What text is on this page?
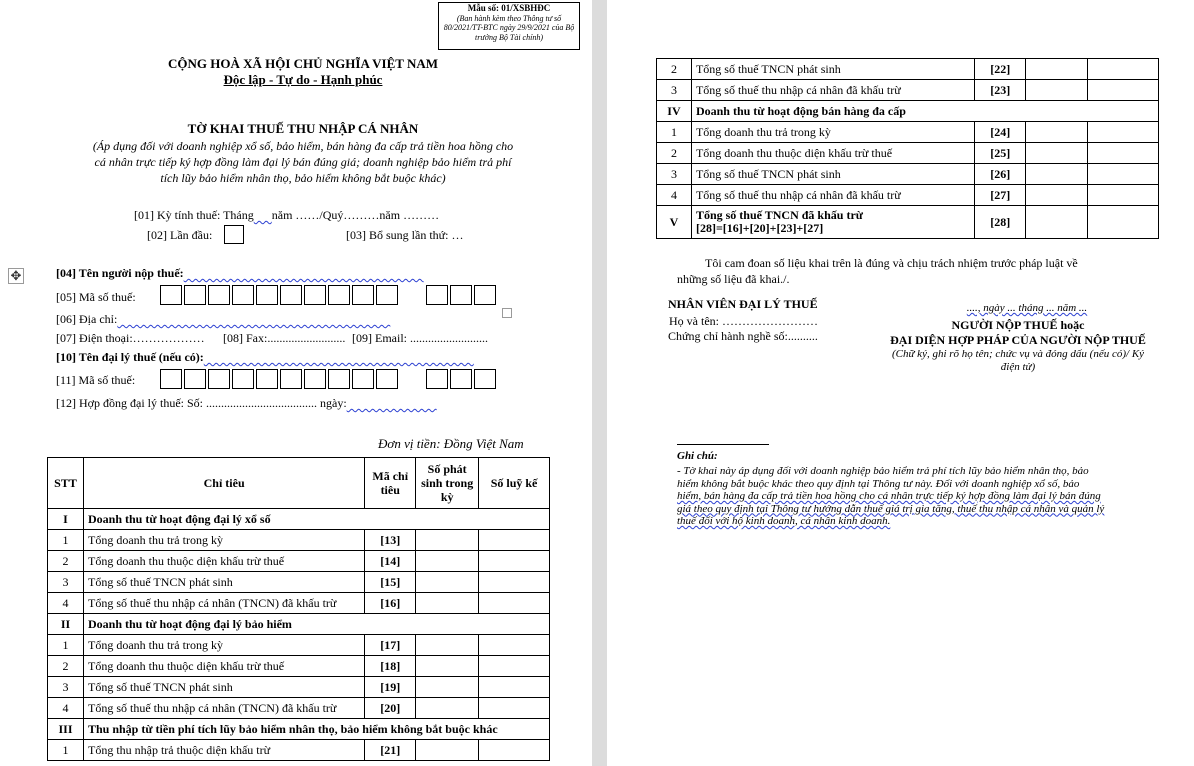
Mẫu số: 01/XSBHĐC
(Ban hành kèm theo Thông tư số 80/2021/TT-BTC ngày 29/9/2021 của Bộ trưởng Bộ Tài chính)
CỘNG HOÀ XÃ HỘI CHỦ NGHĨA VIỆT NAM
Độc lập - Tự do - Hạnh phúc
TỜ KHAI THUẾ THU NHẬP CÁ NHÂN
(Áp dụng đối với doanh nghiệp xổ số, bảo hiểm, bán hàng đa cấp trả tiền hoa hồng cho
cá nhân trực tiếp ký hợp đồng làm đại lý bán đúng giá; doanh nghiệp bảo hiểm trả phí
tích lũy bảo hiểm nhân thọ, bảo hiểm không bắt buộc khác)
[01] Kỳ tính thuế: Tháng năm ……/Quý………năm ………
[02] Lần đầu:	[03] Bổ sung lần thứ: …
✥	[04] Tên người nộp thuế:
[05] Mã số thuế:
[06] Địa chỉ:
[07] Điện thoại:……………… [08] Fax:.......................... [09] Email: ..........................
[10] Tên đại lý thuế (nếu có):
[11] Mã số thuế:
[12] Hợp đồng đại lý thuế: Số: ..................................... ngày:
Đơn vị tiền: Đồng Việt Nam
STT	Chỉ tiêu	Mã chỉ tiêu	Số phát sinh trong kỳ	Số luỹ kế
I	Doanh thu từ hoạt động đại lý xổ số			
1	Tổng doanh thu trả trong kỳ	[13]		
2	Tổng doanh thu thuộc diện khấu trừ thuế	[14]		
3	Tổng số thuế TNCN phát sinh	[15]		
4	Tổng số thuế thu nhập cá nhân (TNCN) đã khấu trừ	[16]		
II	Doanh thu từ hoạt động đại lý bảo hiểm			
1	Tổng doanh thu trả trong kỳ	[17]		
2	Tổng doanh thu thuộc diện khấu trừ thuế	[18]		
3	Tổng số thuế TNCN phát sinh	[19]		
4	Tổng số thuế thu nhập cá nhân (TNCN) đã khấu trừ	[20]		
III	Thu nhập từ tiền phí tích lũy bảo hiểm nhân thọ, bảo hiểm không bắt buộc khác			
1	Tổng thu nhập trả thuộc diện khấu trừ	[21]		
2	Tổng số thuế TNCN phát sinh	[22]		
3	Tổng số thuế thu nhập cá nhân đã khấu trừ	[23]		
IV	Doanh thu từ hoạt động bán hàng đa cấp			
1	Tổng doanh thu trả trong kỳ	[24]		
2	Tổng doanh thu thuộc diện khấu trừ thuế	[25]		
3	Tổng số thuế TNCN phát sinh	[26]		
4	Tổng số thuế thu nhập cá nhân đã khấu trừ	[27]		
V	Tổng số thuế TNCN đã khấu trừ
[28]=[16]+[20]+[23]+[27]	[28]		
Tôi cam đoan số liệu khai trên là đúng và chịu trách nhiệm trước pháp luật về
những số liệu đã khai./.
NHÂN VIÊN ĐẠI LÝ THUẾ
Họ và tên: ……………………
Chứng chỉ hành nghề số:..........
...., ngày ... tháng ... năm ...
NGƯỜI NỘP THUẾ hoặc
ĐẠI DIỆN HỢP PHÁP CỦA NGƯỜI NỘP THUẾ
(Chữ ký, ghi rõ họ tên; chức vụ và đóng dấu (nếu có)/ Ký
điện tử)
Ghi chú:
- Tờ khai này áp dụng đối với doanh nghiệp bảo hiểm trả phí tích lũy bảo hiểm nhân thọ, bảo
hiểm không bắt buộc khác theo quy định tại Thông tư này. Đối với doanh nghiệp xổ số, bảo
hiểm, bán hàng đa cấp trả tiền hoa hồng cho cá nhân trực tiếp ký hợp đồng làm đại lý bán đúng
giá theo quy định tại Thông tư hướng dẫn thuế giá trị gia tăng, thuế thu nhập cá nhân và quản lý
thuế đối với hộ kinh doanh, cá nhân kinh doanh.
